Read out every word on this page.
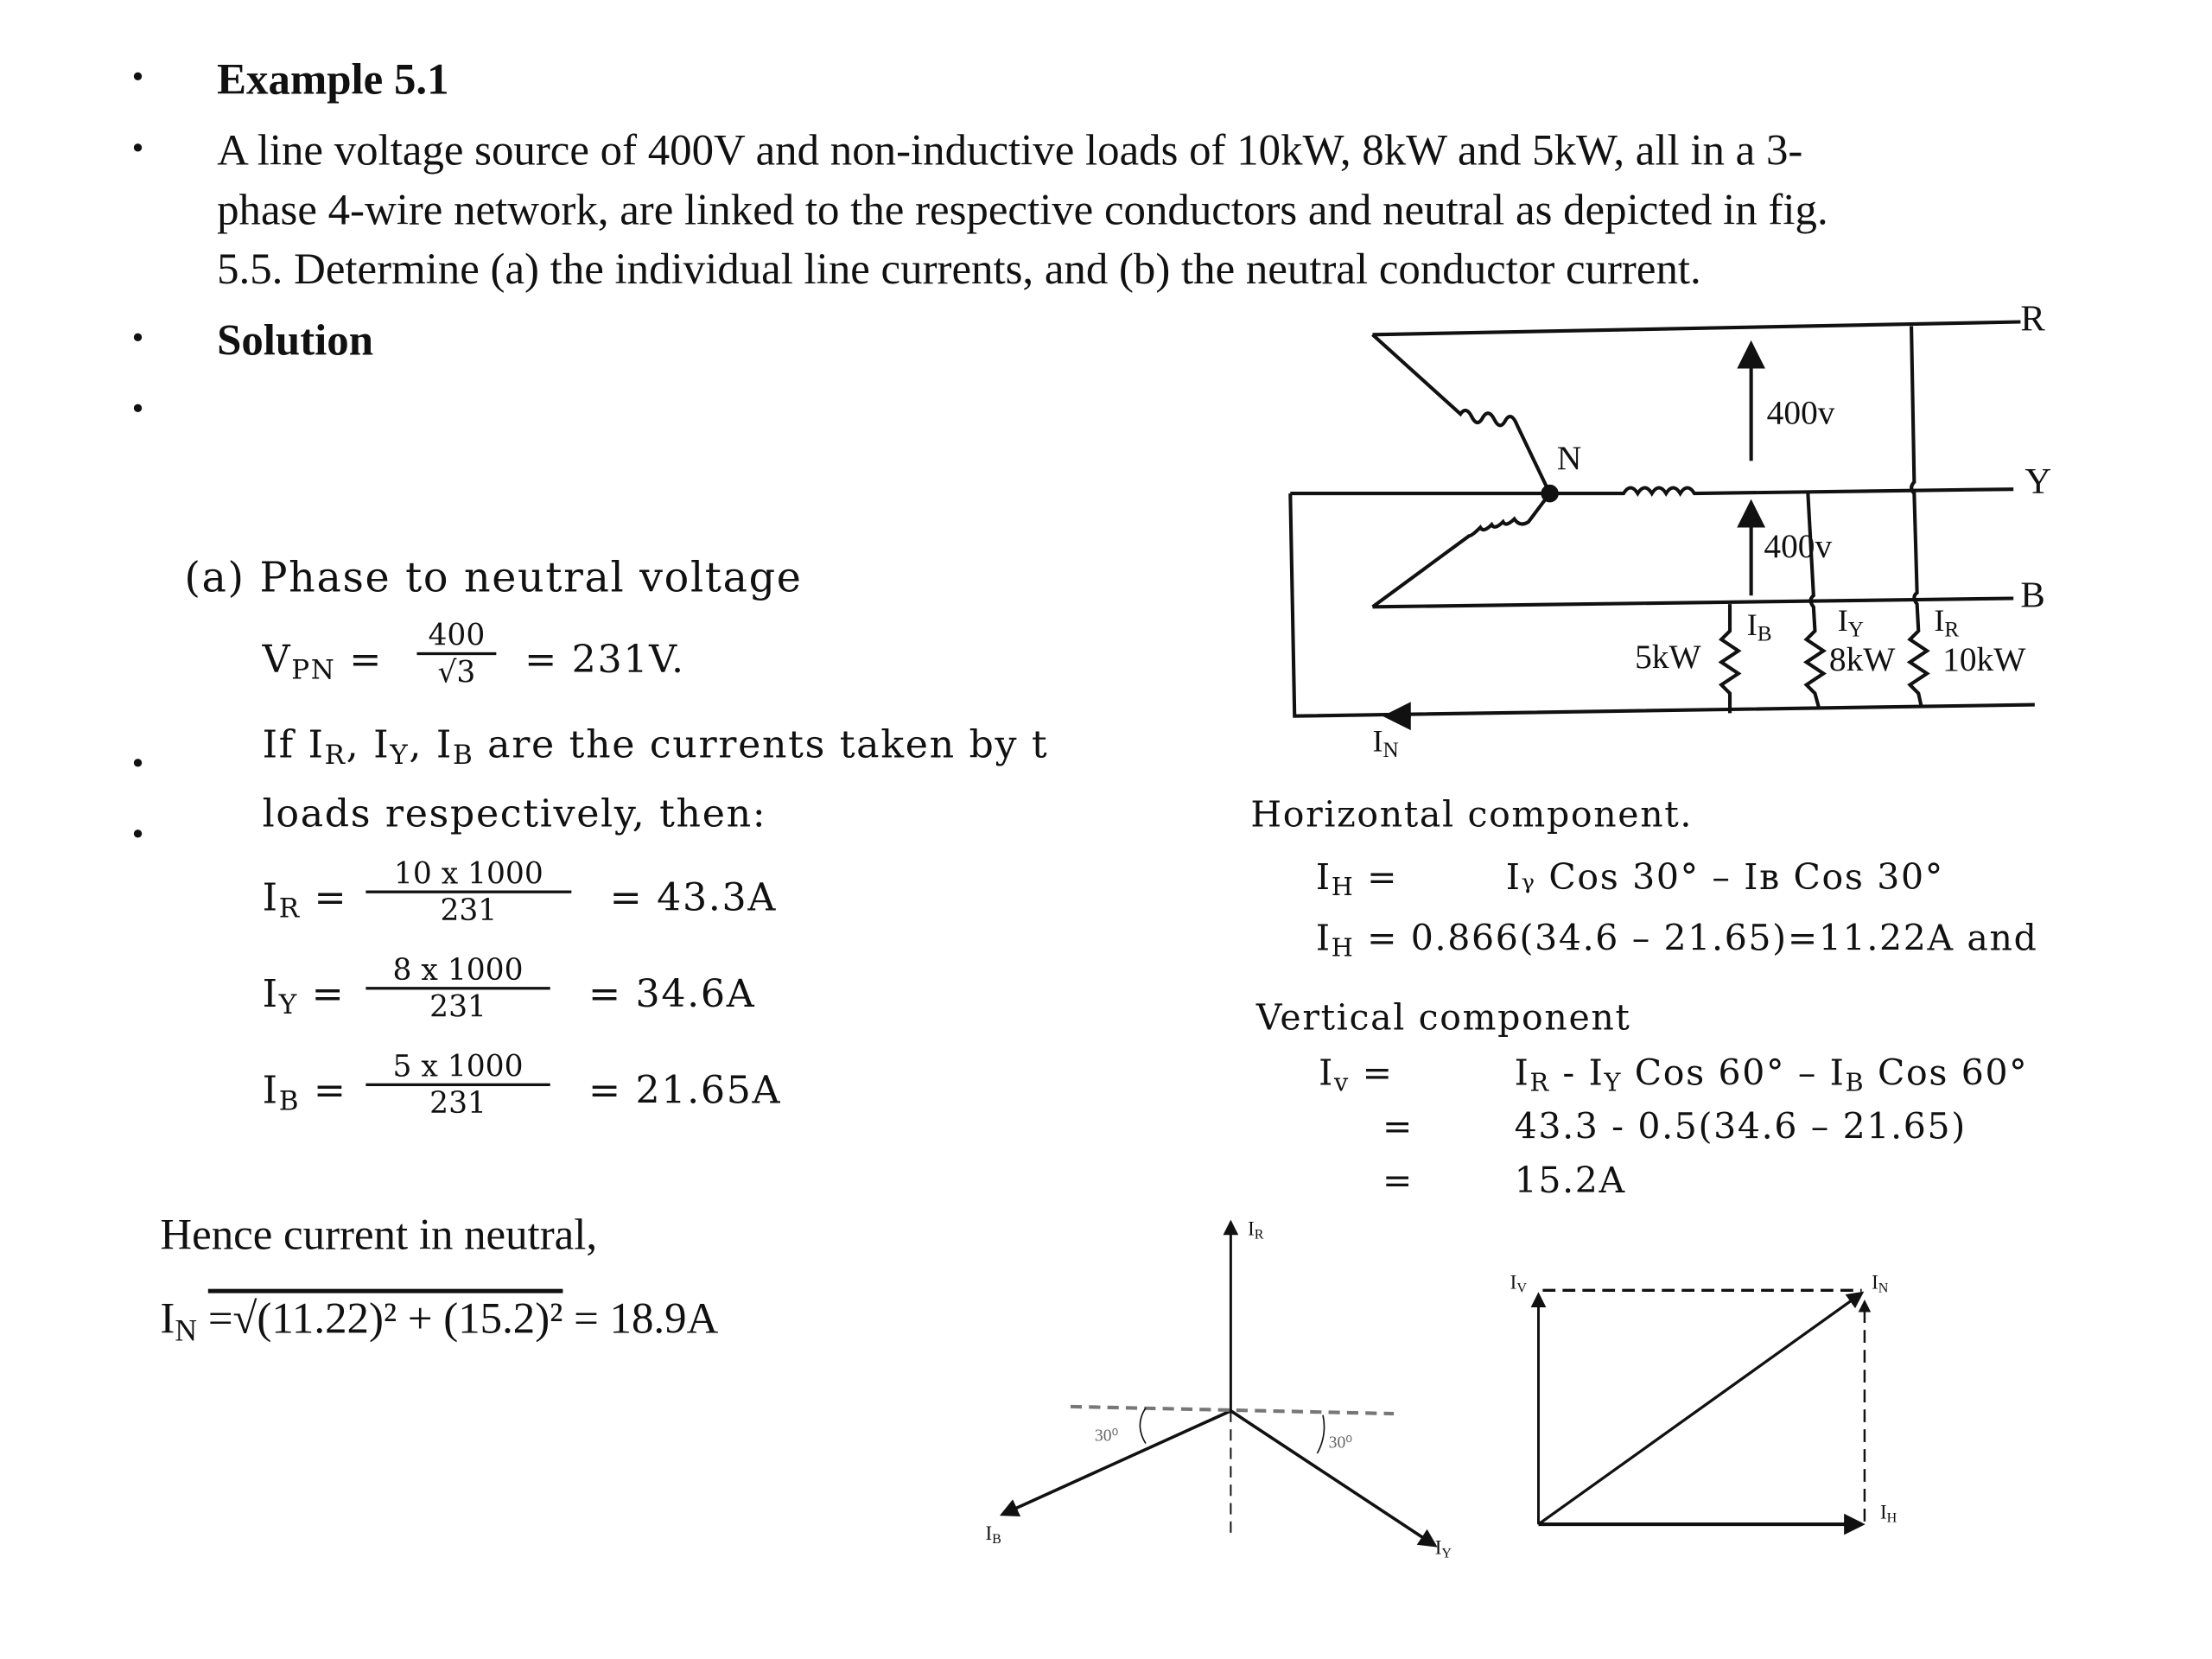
•
•
•
•
•
•
Example 5.1
A line voltage source of 400V and non-inductive loads of 10kW, 8kW and 5kW, all in a 3-
phase 4-wire network, are linked to the respective conductors and neutral as depicted in fig.
5.5. Determine (a) the individual line currents, and (b) the neutral conductor current.
Solution
(a) Phase to neutral voltage
VPN = $\frac{400}{√3} = 231V$.
If IR, IY, IB are the currents taken by t
loads respectively, then:
IR = $\frac{10 x 1000}{231} = 43.3A$
IY = $\frac{8 x 1000}{231} = 34.6A$
IB = $\frac{5 x 1000}{231} = 21.65A$
Hence current in neutral,
IN =√(11.22)² + (15.2)² = 18.9A
Horizontal component.
IH =	Iᵧ Cos 30° – Iʙ Cos 30°
IH = 0.866(34.6 – 21.65)=11.22A and
Vertical component
Iv =	IR - IY Cos 60° – IB Cos 60°
=	43.3 - 0.5(34.6 – 21.65)
=	15.2A
R
Y
B
N
400v
400v
IB	IY	IR
5kW	8kW 10kW
IN
IR
IB	IY
30⁰	30⁰
IV	IN
IH
